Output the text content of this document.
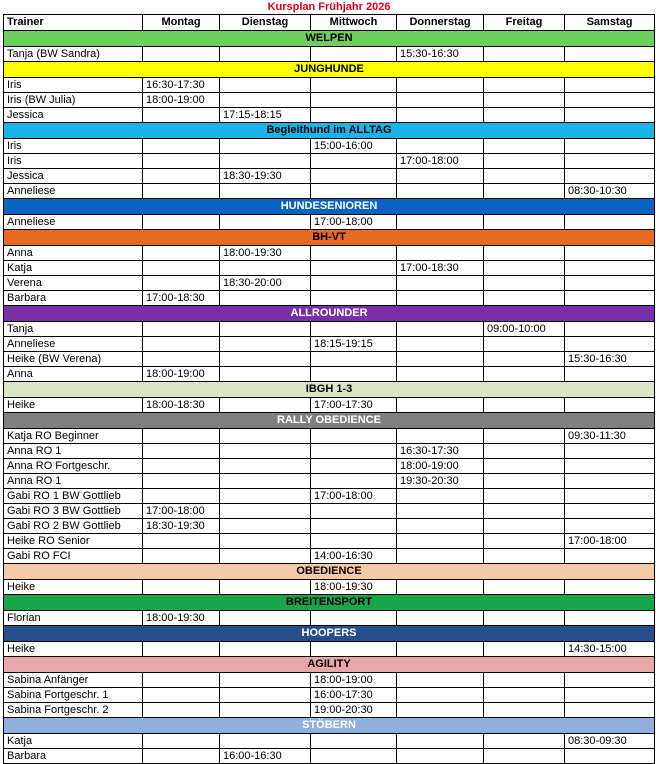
Kursplan Frühjahr 2026						
Trainer	Montag	Dienstag	Mittwoch	Donnerstag	Freitag	Samstag
WELPEN						
Tanja (BW Sandra)				15:30-16:30		
JUNGHUNDE						
Iris	16:30-17:30					
Iris (BW Julia)	18:00-19:00					
Jessica		17:15-18:15				
Begleithund im ALLTAG						
Iris			15:00-16:00			
Iris				17:00-18:00		
Jessica		18:30-19:30				
Anneliese						08:30-10:30
HUNDESENIOREN						
Anneliese			17:00-18:00			
BH-VT						
Anna		18:00-19:30				
Katja				17:00-18:30		
Verena		18:30-20:00				
Barbara	17:00-18:30					
ALLROUNDER						
Tanja					09:00-10:00	
Anneliese			18:15-19:15			
Heike (BW Verena)						15:30-16:30
Anna	18:00-19:00					
IBGH 1-3						
Heike	18:00-18:30		17:00-17:30			
RALLY OBEDIENCE						
Katja RO Beginner						09:30-11:30
Anna RO 1				16:30-17:30		
Anna RO Fortgeschr.				18:00-19:00		
Anna RO 1				19:30-20:30		
Gabi RO 1 BW Gottlieb			17:00-18:00			
Gabi RO 3 BW Gottlieb	17:00-18:00					
Gabi RO 2 BW Gottlieb	18:30-19:30					
Heike RO Senior						17:00-18:00
Gabi RO FCI			14:00-16:30			
OBEDIENCE						
Heike			18:00-19:30			
BREITENSPORT						
Florian	18:00-19:30					
HOOPERS						
Heike						14:30-15:00
AGILITY						
Sabina Anfänger			18:00-19:00			
Sabina Fortgeschr. 1			16:00-17:30			
Sabina Fortgeschr. 2			19:00-20:30			
STÖBERN						
Katja						08:30-09:30
Barbara		16:00-16:30				
